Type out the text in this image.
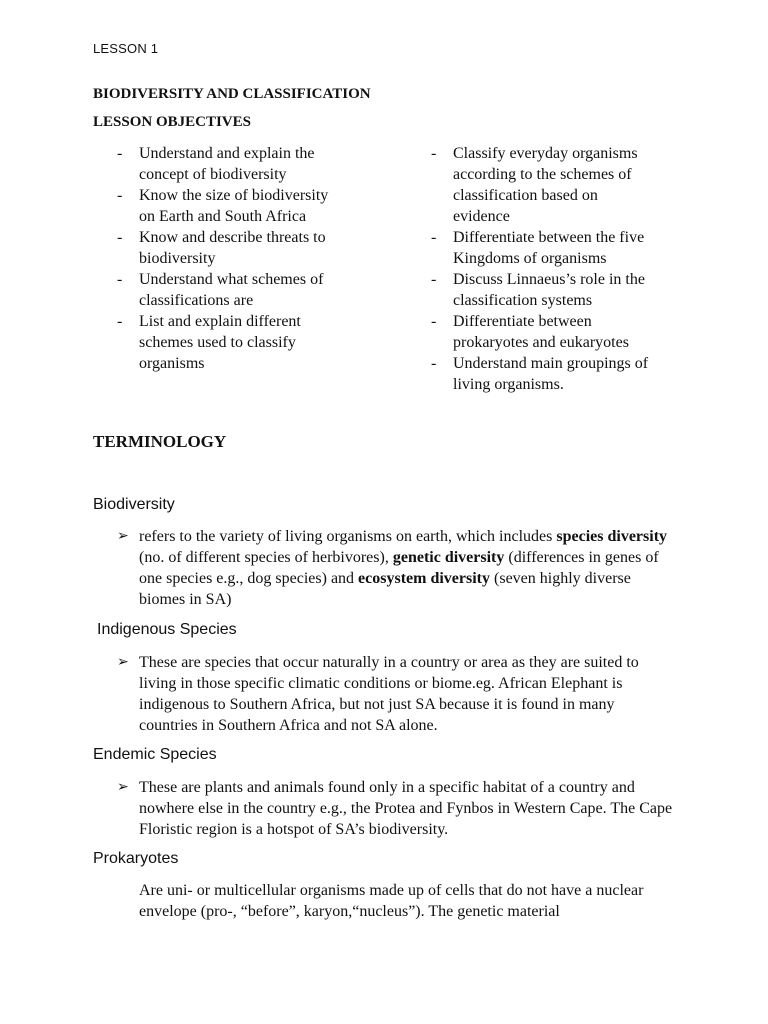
LESSON 1
BIODIVERSITY AND CLASSIFICATION
LESSON OBJECTIVES
- Understand and explain the
concept of biodiversity
- Know the size of biodiversity
on Earth and South Africa
- Know and describe threats to
biodiversity
- Understand what schemes of
classifications are
- List and explain different
schemes used to classify
organisms
- Classify everyday organisms
according to the schemes of
classification based on
evidence
- Differentiate between the five
Kingdoms of organisms
- Discuss Linnaeus’s role in the
classification systems
- Differentiate between
prokaryotes and eukaryotes
- Understand main groupings of
living organisms.
TERMINOLOGY
Biodiversity
➢ refers to the variety of living organisms on earth, which includes species diversity (no. of different species of herbivores), genetic diversity (differences in genes of one species e.g., dog species) and ecosystem diversity (seven highly diverse biomes in SA)
Indigenous Species
➢ These are species that occur naturally in a country or area as they are suited to living in those specific climatic conditions or biome.eg. African Elephant is indigenous to Southern Africa, but not just SA because it is found in many countries in Southern Africa and not SA alone.
Endemic Species
➢ These are plants and animals found only in a specific habitat of a country and nowhere else in the country e.g., the Protea and Fynbos in Western Cape. The Cape Floristic region is a hotspot of SA’s biodiversity.
Prokaryotes
Are uni- or multicellular organisms made up of cells that do not have a nuclear envelope (pro-, “before”, karyon,“nucleus”). The genetic material
